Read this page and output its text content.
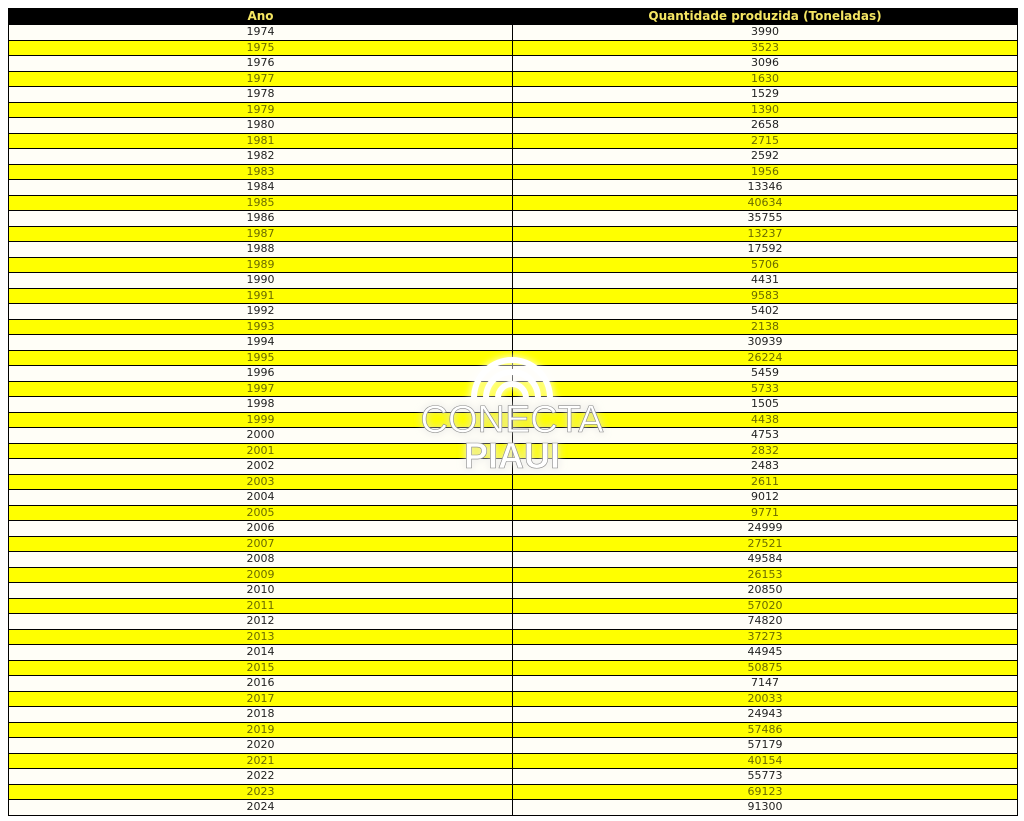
Ano	Quantidade produzida (Toneladas)
1974	3990
1975	3523
1976	3096
1977	1630
1978	1529
1979	1390
1980	2658
1981	2715
1982	2592
1983	1956
1984	13346
1985	40634
1986	35755
1987	13237
1988	17592
1989	5706
1990	4431
1991	9583
1992	5402
1993	2138
1994	30939
1995	26224
1996	5459
1997	5733
1998	1505
1999	4438
2000	4753
2001	2832
2002	2483
2003	2611
2004	9012
2005	9771
2006	24999
2007	27521
2008	49584
2009	26153
2010	20850
2011	57020
2012	74820
2013	37273
2014	44945
2015	50875
2016	7147
2017	20033
2018	24943
2019	57486
2020	57179
2021	40154
2022	55773
2023	69123
2024	91300
CONECTA
PIAUI
